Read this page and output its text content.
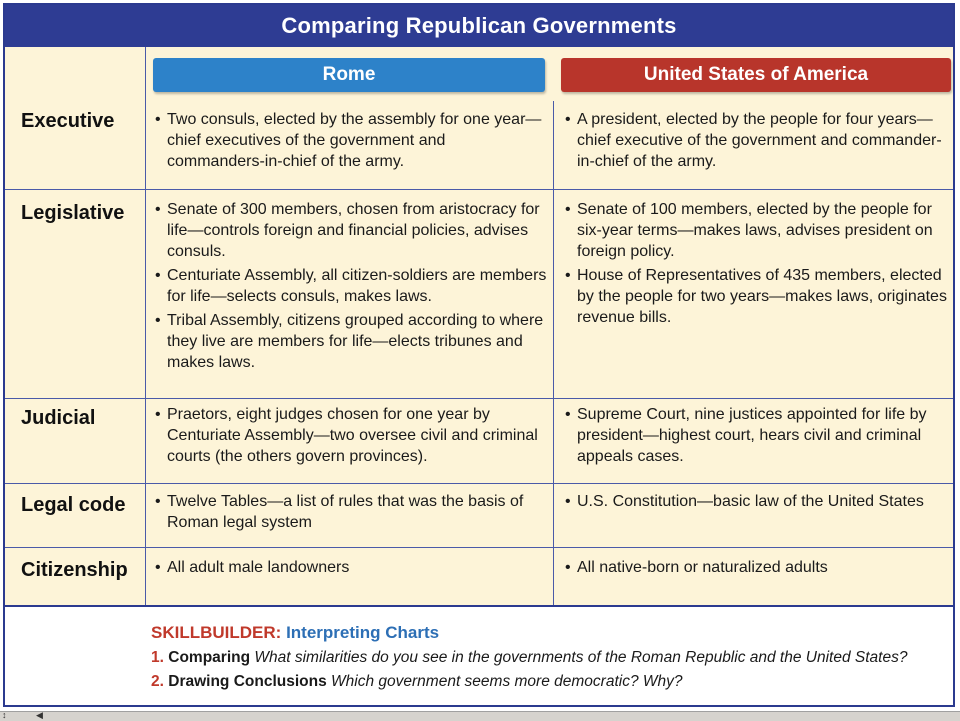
Comparing Republican Governments
Rome	United States of America
Executive
Legislative
Judicial
Legal code
Citizenship
• Two consuls, elected by the assembly for one year—chief executives of the government and commanders-in-chief of the army.
• A president, elected by the people for four years—chief executive of the government and commander-in-chief of the army.
• Senate of 300 members, chosen from aristocracy for life—controls foreign and financial policies, advises consuls.
• Centuriate Assembly, all citizen-soldiers are members for life—selects consuls, makes laws.
• Tribal Assembly, citizens grouped according to where they live are members for life—elects tribunes and makes laws.
• Senate of 100 members, elected by the people for six-year terms—makes laws, advises president on foreign policy.
• House of Representatives of 435 members, elected by the people for two years—makes laws, originates revenue bills.
• Praetors, eight judges chosen for one year by Centuriate Assembly—two oversee civil and criminal courts (the others govern provinces).
• Supreme Court, nine justices appointed for life by president—highest court, hears civil and criminal appeals cases.
• Twelve Tables—a list of rules that was the basis of Roman legal system
• U.S. Constitution—basic law of the United States
• All adult male landowners
•	All native-born or naturalized adults
SKILLBUILDER: Interpreting Charts
1. Comparing What similarities do you see in the governments of the Roman Republic and the United States?
2. Drawing Conclusions Which government seems more democratic? Why?
↕	◀
